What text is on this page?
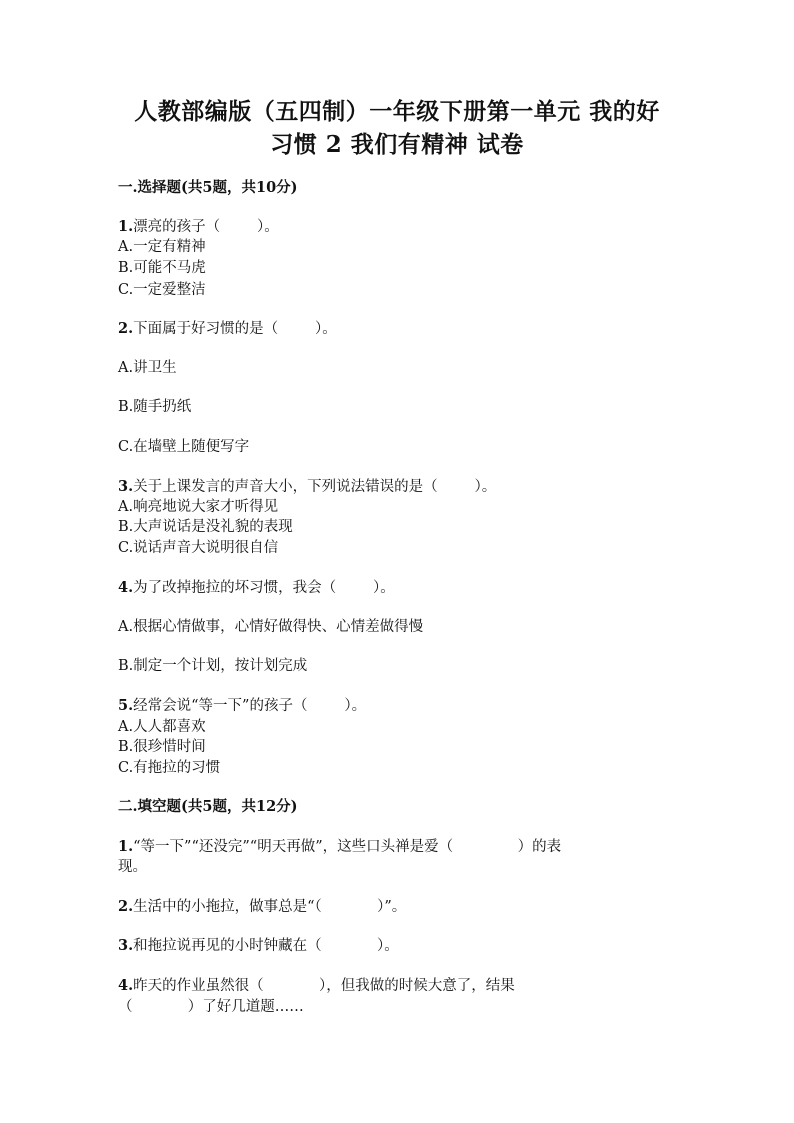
人教部编版（五四制）一年级下册第一单元 我的好
习惯 2 我们有精神 试卷
一.选择题(共5题，共10分)
1.漂亮的孩子（        ）。
A.一定有精神
B.可能不马虎
C.一定爱整洁
2.下面属于好习惯的是（        ）。
A.讲卫生
B.随手扔纸
C.在墙壁上随便写字
3.关于上课发言的声音大小，下列说法错误的是（        ）。
A.响亮地说大家才听得见
B.大声说话是没礼貌的表现
C.说话声音大说明很自信
4.为了改掉拖拉的坏习惯，我会（        ）。
A.根据心情做事，心情好做得快、心情差做得慢
B.制定一个计划，按计划完成
5.经常会说“等一下”的孩子（        ）。
A.人人都喜欢
B.很珍惜时间
C.有拖拉的习惯
二.填空题(共5题，共12分)
1.“等一下”“还没完”“明天再做”，这些口头禅是爱（              ）的表
现。
2.生活中的小拖拉，做事总是“（            ）”。
3.和拖拉说再见的小时钟藏在（            ）。
4.昨天的作业虽然很（            ），但我做的时候大意了，结果
（            ）了好几道题……
